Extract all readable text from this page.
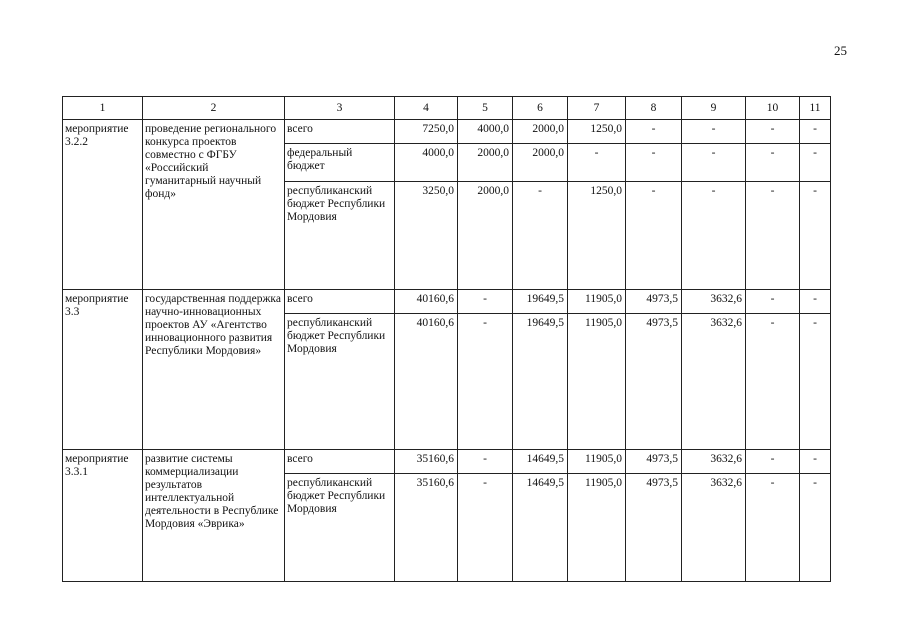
25
1	2	3	4	5	6	7	8	9	10	11
мероприятие 3.2.2	проведение регионального конкурса проектов совместно с ФГБУ «Российский гуманитарный научный фонд»	всего	7250,0	4000,0	2000,0	1250,0	-	-	-	-
		федеральный бюджет	4000,0	2000,0	2000,0	-	-	-	-	-
		республиканский бюджет Республики Мордовия	3250,0	2000,0	-	1250,0	-	-	-	-
мероприятие 3.3	государственная поддержка научно-инновационных проектов АУ «Агентство инновационного развития Республики Мордовия»	всего	40160,6	-	19649,5	11905,0	4973,5	3632,6	-	-
		республиканский бюджет Республики Мордовия	40160,6	-	19649,5	11905,0	4973,5	3632,6	-	-
мероприятие 3.3.1	развитие системы коммерциализации результатов интеллектуальной деятельности в Республике Мордовия «Эврика»	всего	35160,6	-	14649,5	11905,0	4973,5	3632,6	-	-
		республиканский бюджет Республики Мордовия	35160,6	-	14649,5	11905,0	4973,5	3632,6	-	-
